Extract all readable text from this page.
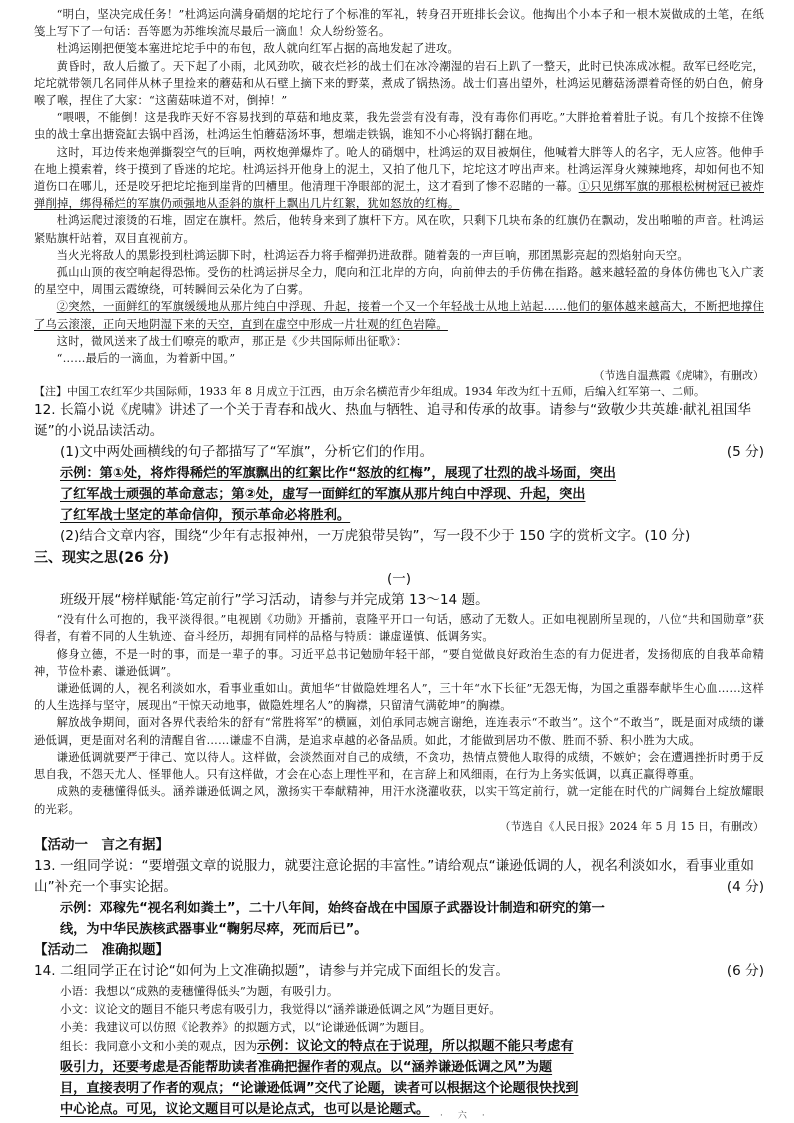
“明白，坚决完成任务！”杜鸿运向满身硝烟的坨坨行了个标准的军礼，转身召开班排长会议。他掏出个小本子和一根木炭做成的土笔，在纸笺上写下了一句话：吾等愿为苏维埃流尽最后一滴血！众人纷纷签名。

杜鸿运刚把便笺本塞进坨坨手中的布包，敌人就向红军占据的高地发起了进攻。

黄昏时，敌人后撤了。天下起了小雨，北风劲吹，破衣烂衫的战士们在冰冷潮湿的岩石上趴了一整天，此时已快冻成冰棍。敌军已经吃完，坨坨就带领几名同伴从林子里捡来的蘑菇和从石壁上摘下来的野菜，煮成了锅热汤。战士们喜出望外，杜鸿运见蘑菇汤漂着奇怪的奶白色，俯身喉了喉，捏住了大家：“这菌菇味道不对，倒掉！”

“喂喂，不能倒！这是我昨天好不容易找到的草菇和地皮菜，我先尝尝有没有毒，没有毒你们再吃。”大胖抢着着肚子说。有几个按捺不住馋虫的战士拿出搪瓷缸去锅中舀汤，杜鸿运生怕蘑菇汤坏事，想端走铁锅，谁知不小心将锅打翻在地。

这时，耳边传来炮弹撕裂空气的巨响，两枚炮弹爆炸了。呛人的硝烟中，杜鸿运的双目被炯住，他喊着大胖等人的名字，无人应答。他伸手在地上摸索着，终于摸到了昏迷的坨坨。杜鸿运抖开他身上的泥土，又拍了他几下，坨坨这才哼出声来。杜鸿运浑身火辣辣地疼，却如何也不知道伤口在哪儿，还是咬牙把坨坨拖到崖背的凹槽里。他清理干净眼部的泥土，这才看到了惨不忍睹的一幕。①只见绑军旗的那根松树树冠已被炸弹削掉，绑得稀烂的军旗仍顽强地从歪斜的旗杆上飘出几片红絮，犹如怒放的红梅。

杜鸿运爬过滚烫的石堆，固定在旗杆。然后，他转身来到了旗杆下方。风在吹，只剩下几块布条的红旗仍在飘动，发出啪啪的声音。杜鸿运紧贴旗杆站着，双目直视前方。

当火光将敌人的黑影投到杜鸿运脚下时，杜鸿运吞力将手榴弹扔进敌群。随着轰的一声巨响，那团黑影亮起的烈焰射向天空。

孤山山顶的夜空响起得恐怖。受伤的杜鸿运拼尽全力，爬向和江北岸的方向，向前伸去的手仿佛在指路。越来越轻盈的身体仿佛也飞入广袤的星空中，周围云霞缭绕，可转瞬间云朵化为了白雾。

②突然，一面鲜红的军旗缓缓地从那片纯白中浮现、升起，接着一个又一个年轻战士从地上站起……他们的躯体越来越高大，不断把地撑住了乌云滚滚，正向天地阴湿下来的天空，直到在虚空中形成一片壮观的红色岩障。

这时，微风送来了战士们嘹亮的歌声，那正是《少共国际师出征歌》：

“……最后的一滴血，为着新中国。”

（节选自温燕霞《虎啸》，有删改）

【注】中国工农红军少共国际师，1933 年 8 月成立于江西，由万余名横范青少年组成。1934 年改为红十五师，后编入红军第一、二师。

12. 长篇小说《虎啸》讲述了一个关于青春和战火、热血与牺牲、追寻和传承的故事。请参与“致敬少共英雄·献礼祖国华诞”的小说品读活动。

(1)文中两处画横线的句子都描写了“军旗”，分析它们的作用。	(5 分)

示例：第①处，将炸得稀烂的军旗飘出的红絮比作“怒放的红梅”，展现了壮烈的战斗场面，突出

了红军战士顽强的革命意志；第②处，虚写一面鲜红的军旗从那片纯白中浮现、升起，突出

了红军战士坚定的革命信仰，预示革命必将胜利。

(2)结合文章内容，围绕“少年有志报神州，一万虎狼带吴钩”，写一段不少于 150 字的赏析文字。(10 分)

三、现实之思(26 分)

(一)

班级开展“榜样赋能·笃定前行”学习活动，请参与并完成第 13～14 题。

“没有什么可抱的，我平淡得很。”电视剧《功勋》开播前，袁隆平开口一句话，感动了无数人。正如电视剧所呈现的，八位“共和国勋章”获得者，有着不同的人生轨迹、奋斗经历，却拥有同样的品格与特质：谦虚谨慎、低调务实。

修身立德，不是一时的事，而是一辈子的事。习近平总书记勉励年轻干部，“要自觉做良好政治生态的有力促进者，发扬彻底的自我革命精神，节俭朴素、谦逊低调”。

谦逊低调的人，视名利淡如水，看事业重如山。黄旭华“甘做隐姓埋名人”，三十年“水下长征”无怨无悔，为国之重器奉献毕生心血……这样的人生选择与坚守，展现出“干惊天动地事，做隐姓埋名人”的胸襟，只留清气满乾坤”的胸襟。

解放战争期间，面对各界代表给朱的舒有“常胜将军”的横匾，刘伯承同志婉言谢绝，连连表示“不敢当”。这个“不敢当”，既是面对成绩的谦逊低调，更是面对名利的清醒自省……谦虚不自满，是追求卓越的必备品质。如此，才能做到居功不傲、胜而不骄、积小胜为大成。

谦逊低调就要严于律己、宽以待人。这样做，会淡然面对自己的成绩，不贪功，热情点赞他人取得的成绩，不嫉妒；会在遭遇挫折时勇于反思自我，不怨天尤人、怪罪他人。只有这样做，才会在心态上理性平和，在言辞上和风细雨，在行为上务实低调，以真正赢得尊重。

成熟的麦穗懂得低头。涵养谦逊低调之风，激扬实干奉献精神，用汗水浇灌收获，以实干笃定前行，就一定能在时代的广阔舞台上绽放耀眼的光彩。

（节选自《人民日报》2024 年 5 月 15 日，有删改）

【活动一　言之有据】

13. 一组同学说：“要增强文章的说服力，就要注意论据的丰富性。”请给观点“谦逊低调的人，视名利淡如水，看事业重如山”补充一个事实论据。	(4 分)

示例：邓稼先“视名利如粪土”，二十八年间，始终奋战在中国原子武器设计制造和研究的第一

线，为中华民族核武器事业“鞠躬尽瘁，死而后已”。

【活动二　准确拟题】

14. 二组同学正在讨论“如何为上文准确拟题”，请参与并完成下面组长的发言。	(6 分)

小语：我想以“成熟的麦穗懂得低头”为题，有吸引力。

小文：议论文的题目不能只考虑有吸引力，我觉得以“涵养谦逊低调之风”为题目更好。

小美：我建议可以仿照《论教养》的拟题方式，以“论谦逊低调”为题目。

组长：我同意小文和小美的观点，因为示例：议论文的特点在于说理，所以拟题不能只考虑有

吸引力，还要考虑是否能帮助读者准确把握作者的观点。以“涵养谦逊低调之风”为题

目，直接表明了作者的观点；“论谦逊低调”交代了论题，读者可以根据这个论题很快找到

中心论点。可见，议论文题目可以是论点式，也可以是论题式。	·　六　·
